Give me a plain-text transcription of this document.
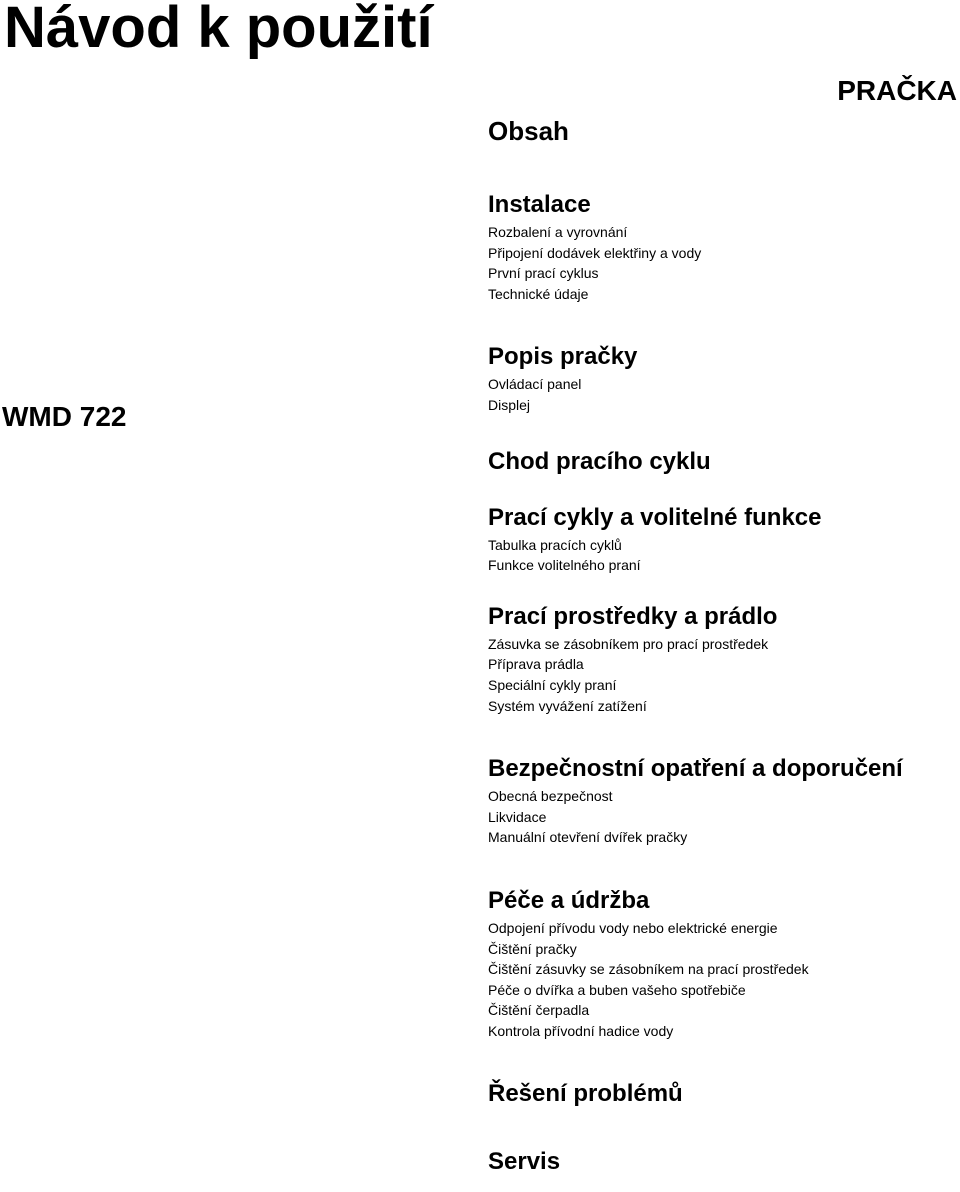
Návod k použití
PRAČKA
WMD 722
Obsah
Instalace
Rozbalení a vyrovnání
Připojení dodávek elektřiny a vody
První prací cyklus
Technické údaje
Popis pračky
Ovládací panel
Displej
Chod pracího cyklu
Prací cykly a volitelné funkce
Tabulka pracích cyklů
Funkce volitelného praní
Prací prostředky a prádlo
Zásuvka se zásobníkem pro prací prostředek
Příprava prádla
Speciální cykly praní
Systém vyvážení zatížení
Bezpečnostní opatření a doporučení
Obecná bezpečnost
Likvidace
Manuální otevření dvířek pračky
Péče a údržba
Odpojení přívodu vody nebo elektrické energie
Čištění pračky
Čištění zásuvky se zásobníkem na prací prostředek
Péče o dvířka a buben vašeho spotřebiče
Čištění čerpadla
Kontrola přívodní hadice vody
Řešení problémů
Servis
